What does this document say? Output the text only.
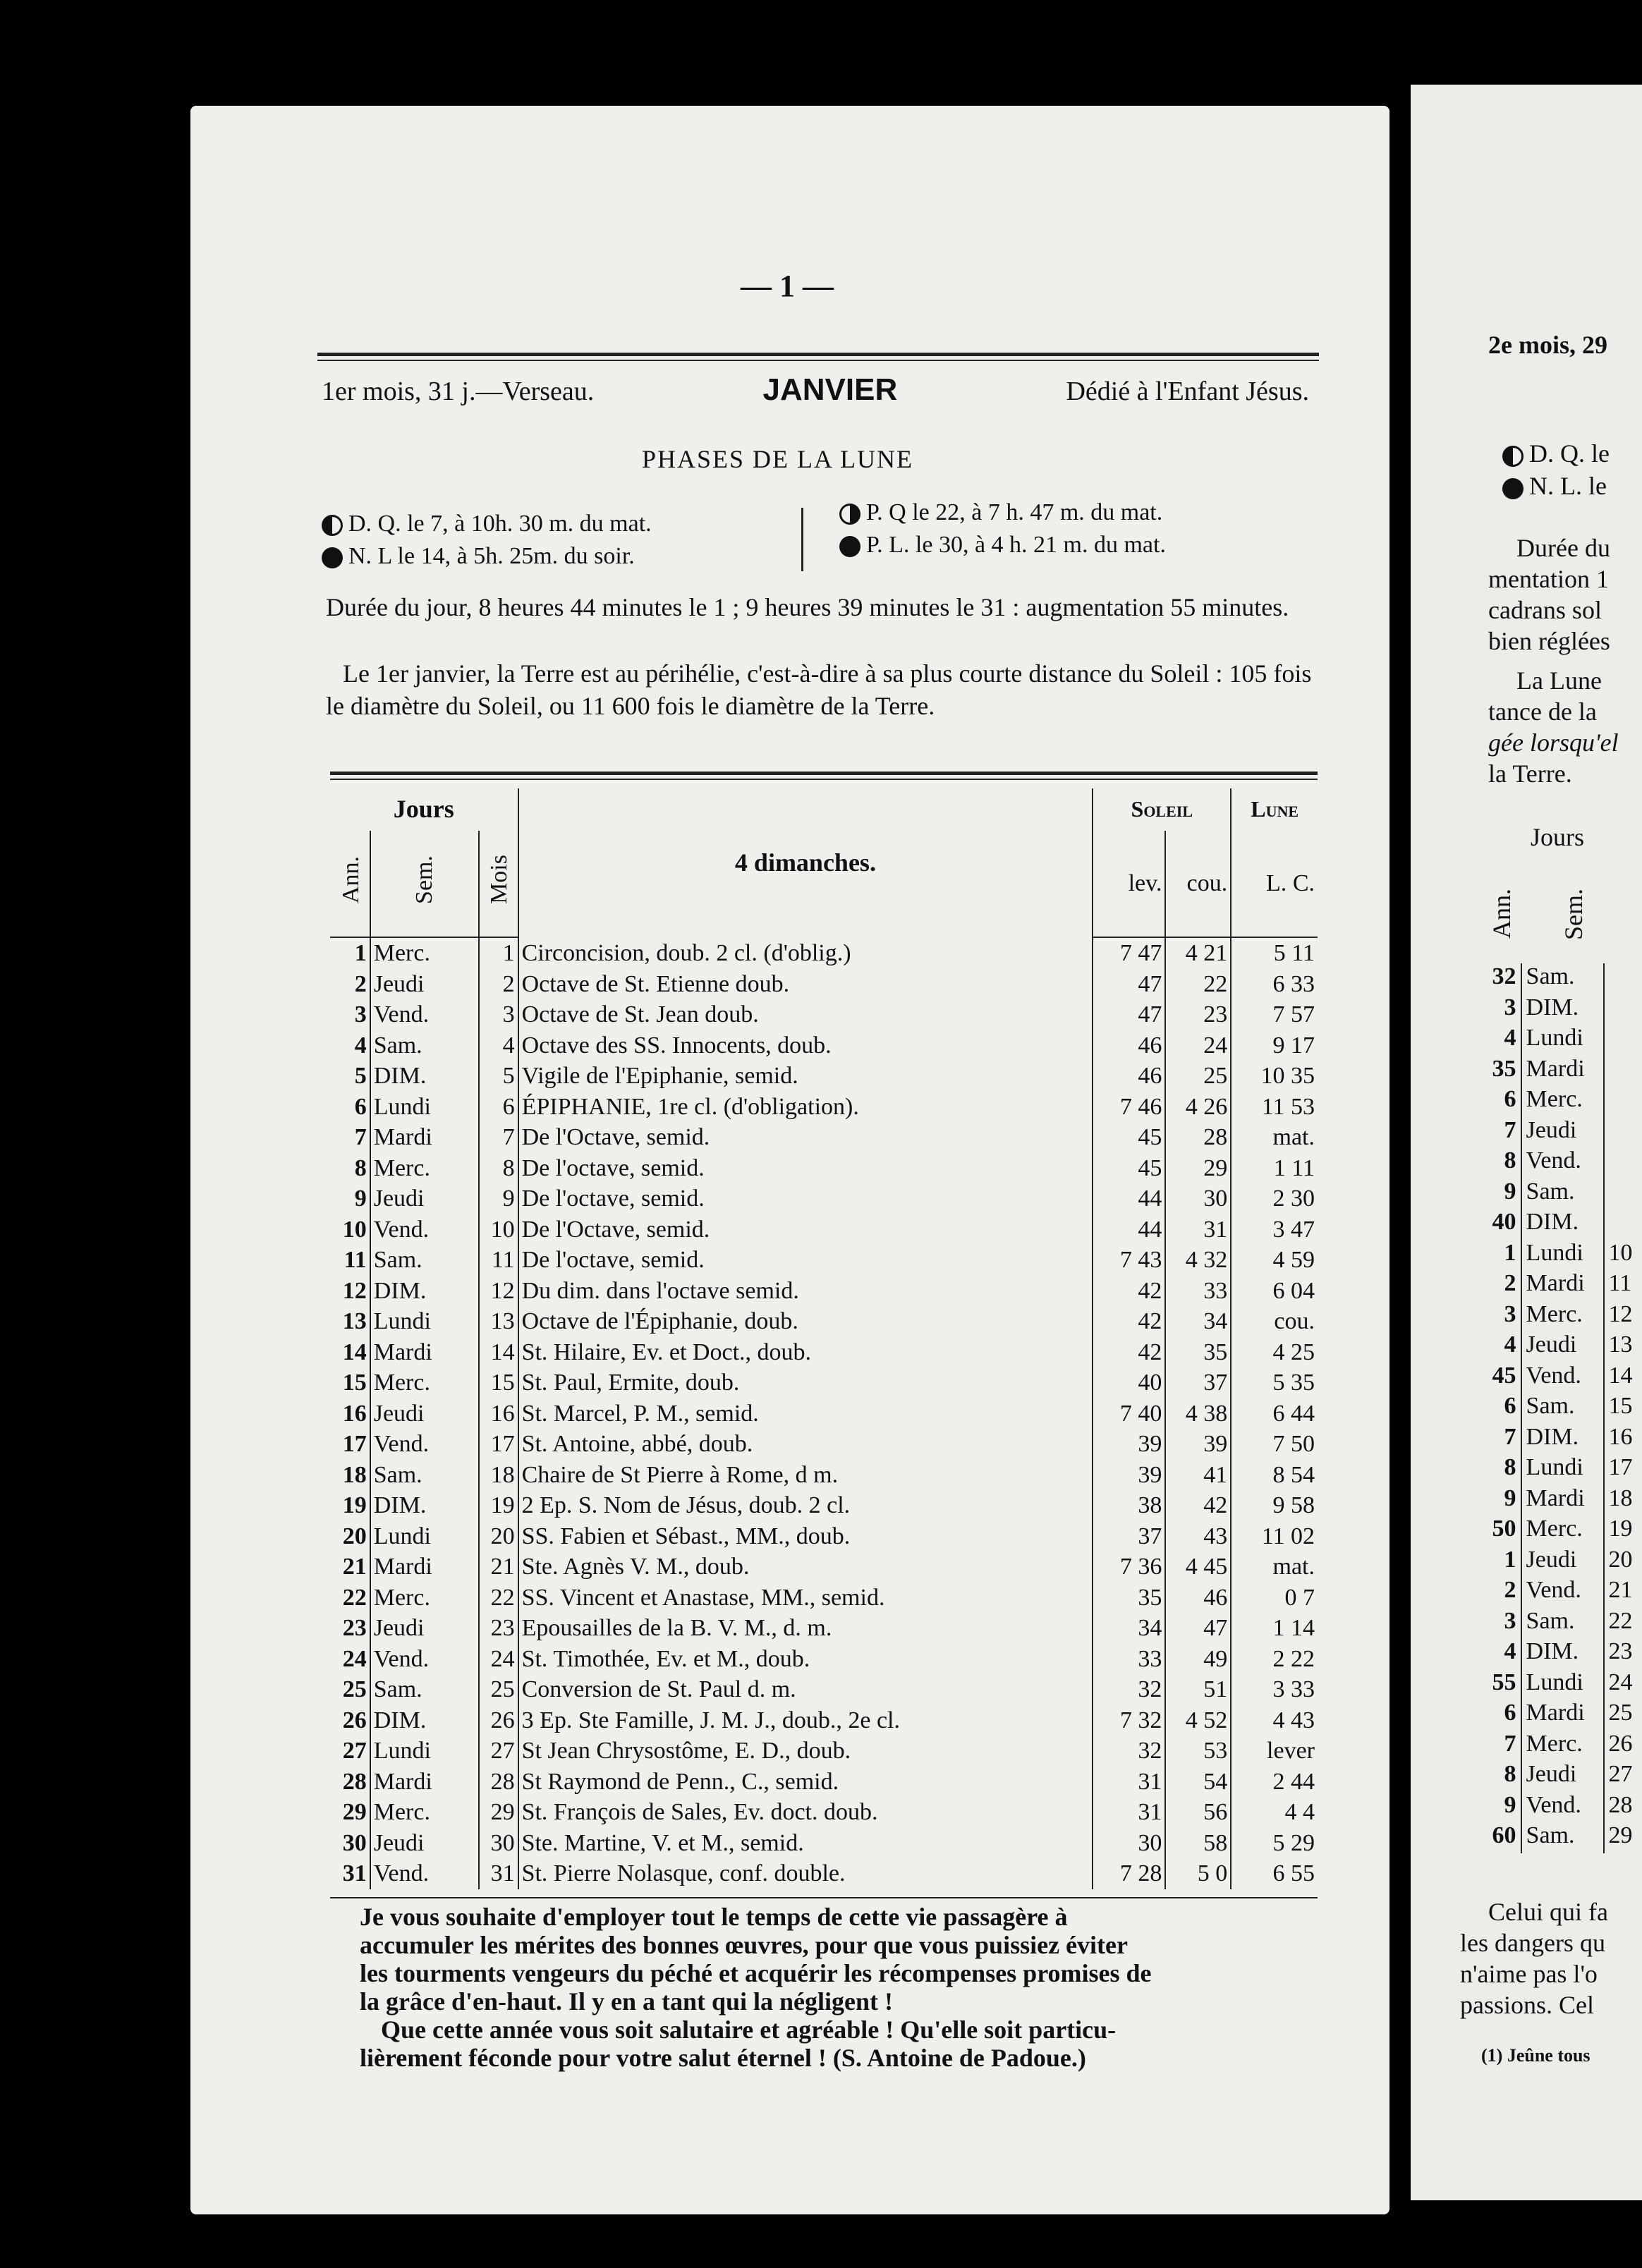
— 1 —
1er mois, 31 j.—Verseau.	JANVIER	Dédié à l'Enfant Jésus.
PHASES DE LA LUNE
D. Q. le 7, à 10h. 30 m. du mat.
N. L le 14, à 5h. 25m. du soir.
P. Q le 22, à 7 h. 47 m. du mat.
P. L. le 30, à 4 h. 21 m. du mat.
Durée du jour, 8 heures 44 minutes le 1 ; 9 heures 39 minutes le 31 : augmentation 55 minutes.
Le 1er janvier, la Terre est au périhélie, c'est-à-dire à sa plus courte distance du Soleil : 105 fois le diamètre du Soleil, ou 11 600 fois le diamètre de la Terre.
Jours			4 dimanches.	Soleil		Lune
Ann.	Sem.	Mois		lev.	cou.	L. C.
1	Merc.	1	Circoncision, doub. 2 cl. (d'oblig.)	7 47	4 21	5 11
2	Jeudi	2	Octave de St. Etienne doub.	47	22	6 33
3	Vend.	3	Octave de St. Jean doub.	47	23	7 57
4	Sam.	4	Octave des SS. Innocents, doub.	46	24	9 17
5	DIM.	5	Vigile de l'Epiphanie, semid.	46	25	10 35
6	Lundi	6	ÉPIPHANIE, 1re cl. (d'obligation).	7 46	4 26	11 53
7	Mardi	7	De l'Octave, semid.	45	28	mat.
8	Merc.	8	De l'octave, semid.	45	29	1 11
9	Jeudi	9	De l'octave, semid.	44	30	2 30
10	Vend.	10	De l'Octave, semid.	44	31	3 47
11	Sam.	11	De l'octave, semid.	7 43	4 32	4 59
12	DIM.	12	Du dim. dans l'octave semid.	42	33	6 04
13	Lundi	13	Octave de l'Épiphanie, doub.	42	34	cou.
14	Mardi	14	St. Hilaire, Ev. et Doct., doub.	42	35	4 25
15	Merc.	15	St. Paul, Ermite, doub.	40	37	5 35
16	Jeudi	16	St. Marcel, P. M., semid.	7 40	4 38	6 44
17	Vend.	17	St. Antoine, abbé, doub.	39	39	7 50
18	Sam.	18	Chaire de St Pierre à Rome, d m.	39	41	8 54
19	DIM.	19	2 Ep. S. Nom de Jésus, doub. 2 cl.	38	42	9 58
20	Lundi	20	SS. Fabien et Sébast., MM., doub.	37	43	11 02
21	Mardi	21	Ste. Agnès V. M., doub.	7 36	4 45	mat.
22	Merc.	22	SS. Vincent et Anastase, MM., semid.	35	46	0 7
23	Jeudi	23	Epousailles de la B. V. M., d. m.	34	47	1 14
24	Vend.	24	St. Timothée, Ev. et M., doub.	33	49	2 22
25	Sam.	25	Conversion de St. Paul d. m.	32	51	3 33
26	DIM.	26	3 Ep. Ste Famille, J. M. J., doub., 2e cl.	7 32	4 52	4 43
27	Lundi	27	St Jean Chrysostôme, E. D., doub.	32	53	lever
28	Mardi	28	St Raymond de Penn., C., semid.	31	54	2 44
29	Merc.	29	St. François de Sales, Ev. doct. doub.	31	56	4 4
30	Jeudi	30	Ste. Martine, V. et M., semid.	30	58	5 29
31	Vend.	31	St. Pierre Nolasque, conf. double.	7 28	5 0	6 55

Je vous souhaite d'employer tout le temps de cette vie passagère à

accumuler les mérites des bonnes œuvres, pour que vous puissiez éviter

les tourments vengeurs du péché et acquérir les récompenses promises de

la grâce d'en-haut. Il y en a tant qui la négligent !

Que cette année vous soit salutaire et agréable ! Qu'elle soit particu-

lièrement féconde pour votre salut éternel ! (S. Antoine de Padoue.)

2e mois, 29
D. Q. le
N. L. le
Durée du
mentation 1
cadrans sol
bien réglées
La Lune
tance de la
gée lorsqu'el
la Terre.
Jours
Ann. Sem.
32 Sam.
3 DIM.
4 Lundi
35 Mardi
6 Merc.
7 Jeudi
8 Vend.
9 Sam.
40 DIM.
1 Lundi	10
2 Mardi 11
3 Merc.	12
4 Jeudi	13
45 Vend.	14
6 Sam.	15
7 DIM.	16
8 Lundi	17
9 Mardi 18
50 Merc.	19
1 Jeudi	20
2 Vend.	21
3 Sam.	22
4 DIM.	23
55 Lundi	24
6 Mardi 25
7 Merc.	26
8 Jeudi	27
9 Vend.	28
60 Sam.	29
Celui qui fa
les dangers qu
n'aime pas l'o
passions. Cel
(1) Jeûne tous
